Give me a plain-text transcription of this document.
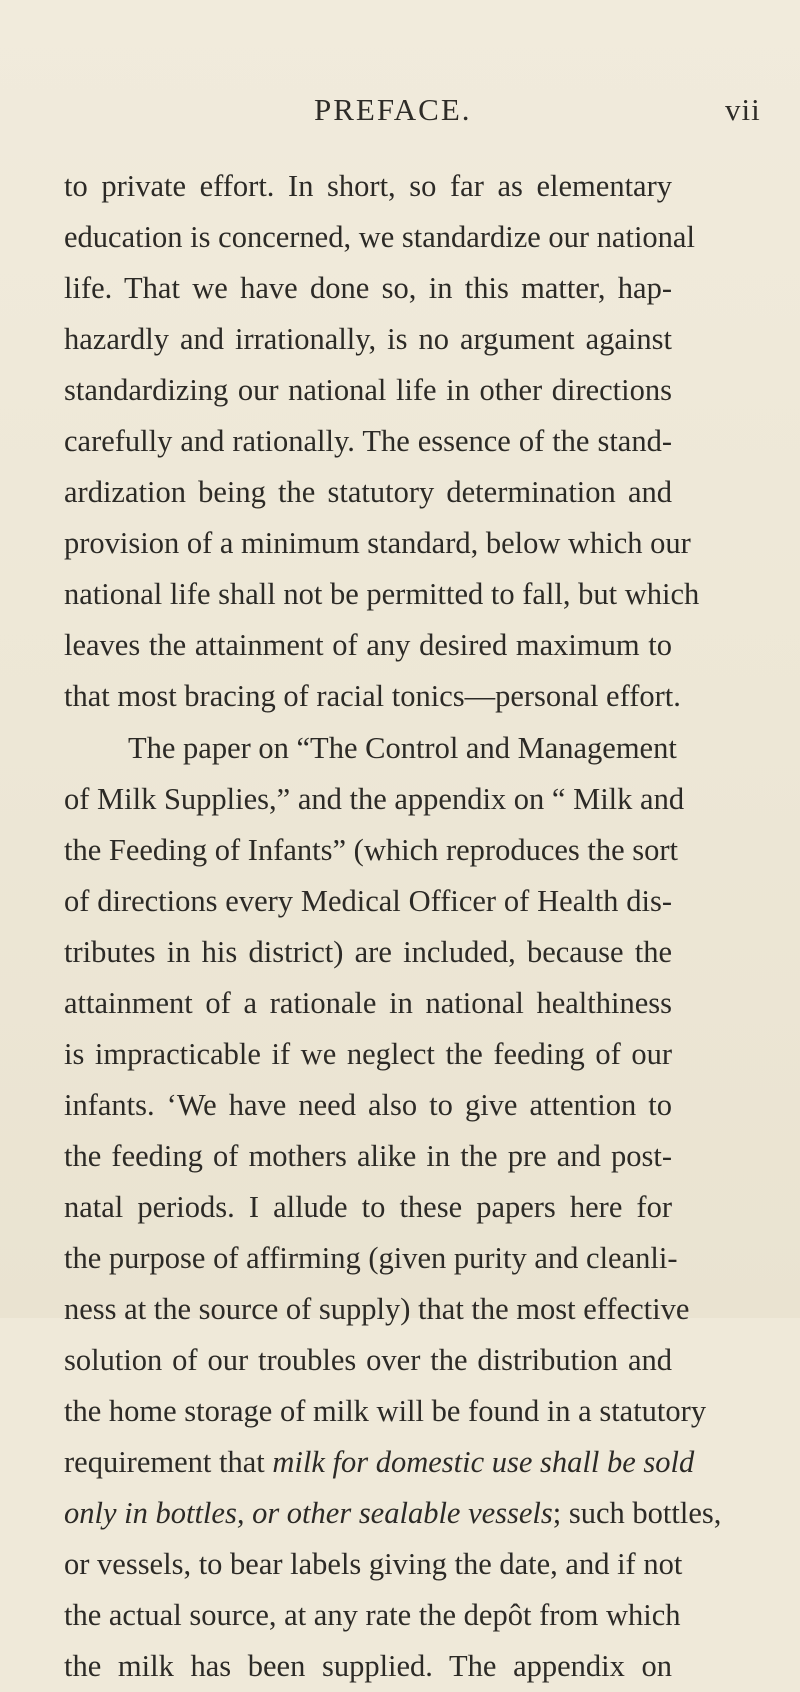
PREFACE.	vii
to private effort. In short, so far as elementary
education is concerned, we standardize our national
life. That we have done so, in this matter, hap-
hazardly and irrationally, is no argument against
standardizing our national life in other directions
carefully and rationally. The essence of the stand-
ardization being the statutory determination and
provision of a minimum standard, below which our
national life shall not be permitted to fall, but which
leaves the attainment of any desired maximum to
that most bracing of racial tonics—personal effort.
The paper on “The Control and Management
of Milk Supplies,” and the appendix on “ Milk and
the Feeding of Infants” (which reproduces the sort
of directions every Medical Officer of Health dis-
tributes in his district) are included, because the
attainment of a rationale in national healthiness
is impracticable if we neglect the feeding of our
infants. ‘We have need also to give attention to
the feeding of mothers alike in the pre and post-
natal periods. I allude to these papers here for
the purpose of affirming (given purity and cleanli-
ness at the source of supply) that the most effective
solution of our troubles over the distribution and
the home storage of milk will be found in a statutory
requirement that milk for domestic use shall be sold
only in bottles, or other sealable vessels; such bottles,
or vessels, to bear labels giving the date, and if not
the actual source, at any rate the depôt from which
the milk has been supplied. The appendix on
